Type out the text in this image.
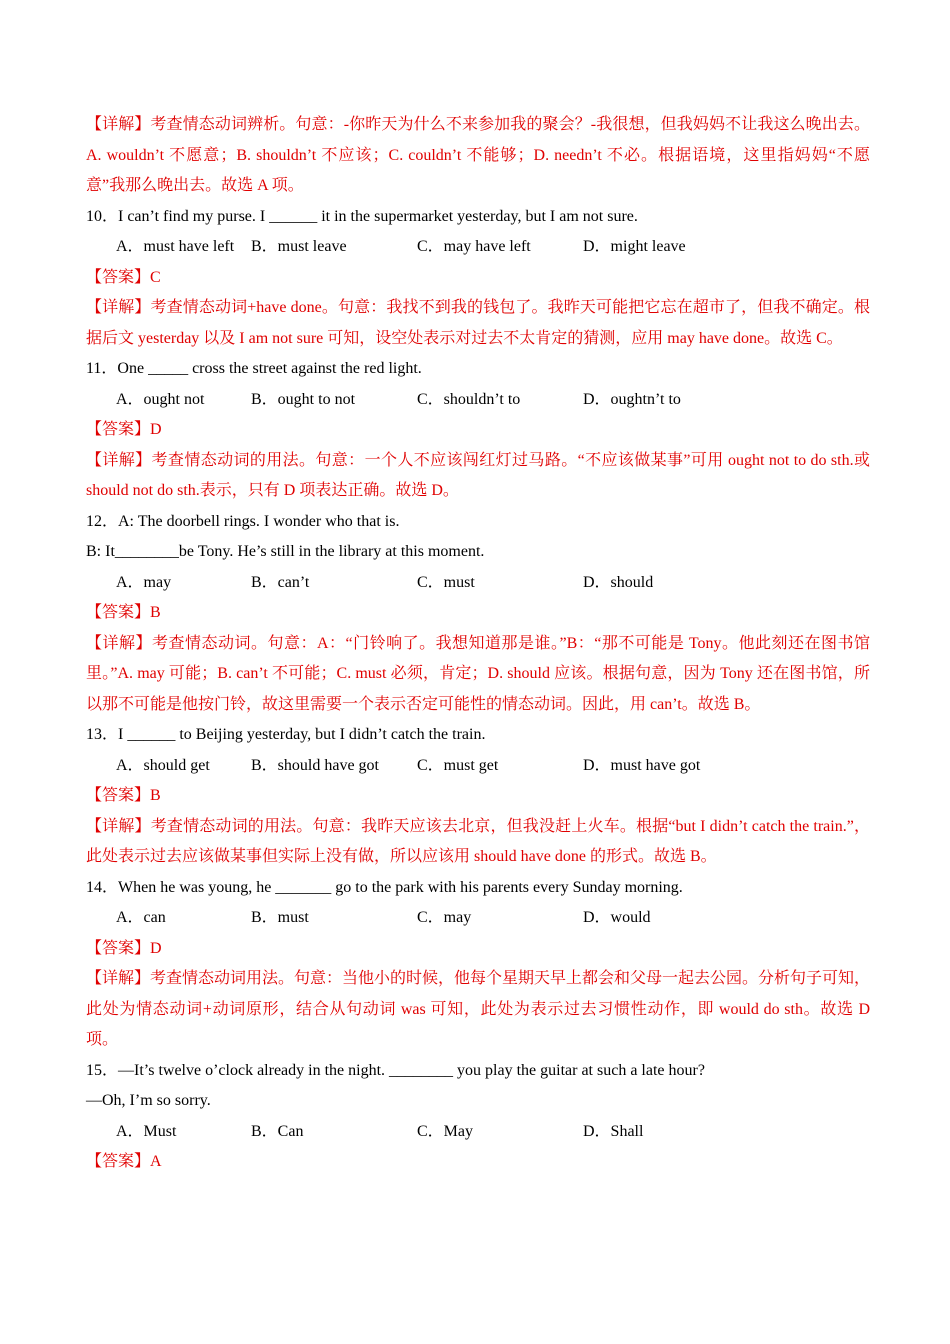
【详解】考查情态动词辨析。句意：-你昨天为什么不来参加我的聚会？-我很想，但我妈妈不让我这么晚出去。A. wouldn’t 不愿意；B. shouldn’t 不应该；C. couldn’t 不能够；D. needn’t 不必。根据语境，这里指妈妈“不愿意”我那么晚出去。故选 A 项。
10．I can’t find my purse. I ______ it in the supermarket yesterday, but I am not sure.
A．must have left B．must leave	C．may have left	D．might leave
【答案】C
【详解】考查情态动词+have done。句意：我找不到我的钱包了。我昨天可能把它忘在超市了，但我不确定。根据后文 yesterday 以及 I am not sure 可知，设空处表示对过去不太肯定的猜测，应用 may have done。故选 C。
11．One _____ cross the street against the red light.
A．ought not	B．ought to not	C．shouldn’t to	D．oughtn’t to
【答案】D
【详解】考查情态动词的用法。句意：一个人不应该闯红灯过马路。“不应该做某事”可用 ought not to do sth.或 should not do sth.表示，只有 D 项表达正确。故选 D。
12．A: The doorbell rings. I wonder who that is.
B: It________be Tony. He’s still in the library at this moment.
A．may	B．can’t	C．must	D．should
【答案】B
【详解】考查情态动词。句意：A：“门铃响了。我想知道那是谁。”B：“那不可能是 Tony。他此刻还在图书馆里。”A. may 可能；B. can’t 不可能；C. must 必须，肯定；D. should 应该。根据句意，因为 Tony 还在图书馆，所以那不可能是他按门铃，故这里需要一个表示否定可能性的情态动词。因此，用 can’t。故选 B。
13．I ______ to Beijing yesterday, but I didn’t catch the train.
A．should get	B．should have got C．must get	D．must have got
【答案】B
【详解】考查情态动词的用法。句意：我昨天应该去北京，但我没赶上火车。根据“but I didn’t catch the train.”，此处表示过去应该做某事但实际上没有做，所以应该用 should have done 的形式。故选 B。
14．When he was young, he _______ go to the park with his parents every Sunday morning.
A．can	B．must	C．may	D．would
【答案】D
【详解】考查情态动词用法。句意：当他小的时候，他每个星期天早上都会和父母一起去公园。分析句子可知，此处为情态动词+动词原形，结合从句动词 was 可知，此处为表示过去习惯性动作，即 would do sth。故选 D 项。
15．—It’s twelve o’clock already in the night. ________ you play the guitar at such a late hour?
—Oh, I’m so sorry.
A．Must	B．Can	C．May	D．Shall
【答案】A
